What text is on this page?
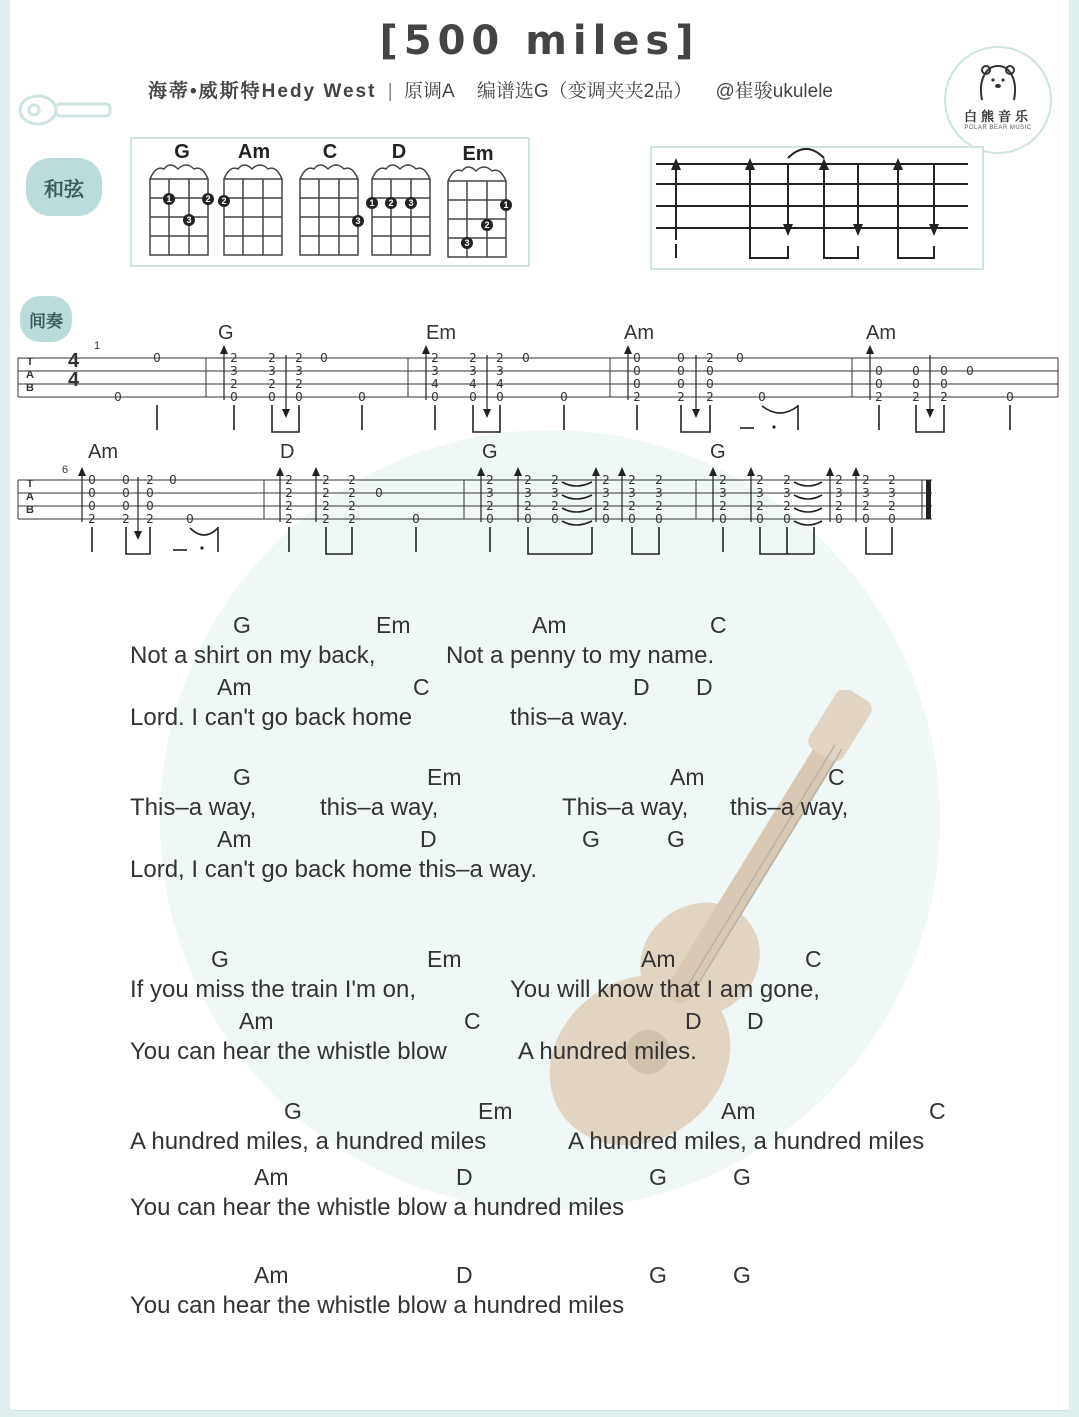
[500 miles]
海蒂•威斯特Hedy West | 原调A 编谱选G（变调夹夹2品） @崔骏ukulele
白熊音乐
POLAR BEAR MUSIC
和弦
G	Am	C	D	Em
1	2
3
2
3
1 2 3	1
2
3
间奏
1
6
G	Em	Am	Am
Am	D	G	G
T
A
B
T
A
B
4
4
0
0
2
3
2
0
2
3
2
0
2
3
2
0
0
0
2
3
4
0
2
3
4
0
2
3
4
0
0
0
0
0
0
2
0
0
0
2
2
0
0
2
0
0
0
0
2
0
0
2
0
0
2
0
0
0
0
0
2
0
0
0
2
2
0
0
2
0
0
2
2
2
2
2
2
2
2
2
2
2
2
0
0
2
3
2
0
2
3
2
0
2
3
2
0
2
3
2
0
2
3
2
0
2
3
2
0
2
3
2
0
2
3
2
0
2
3
2
0
2
3
2
0
2
3
2
0
2
3
2
0
G	Em	Am	C
Not a shirt on my back,	Not a penny to my name.
Am	C	D D
Lord. I can't go back home	this–a way.
G	Em	Am	C
This–a way,	this–a way,	This–a way, this–a way,
Am	D	G	G
Lord, I can't go back home this–a way.
G	Em	Am	C
If you miss the train I'm on,	You will know that I am gone,
Am	C	D D
You can hear the whistle blow	A hundred miles.
G	Em	Am	C
A hundred miles, a hundred miles	A hundred miles, a hundred miles
Am	D	G	G
You can hear the whistle blow a hundred miles
Am	D	G	G
You can hear the whistle blow a hundred miles
